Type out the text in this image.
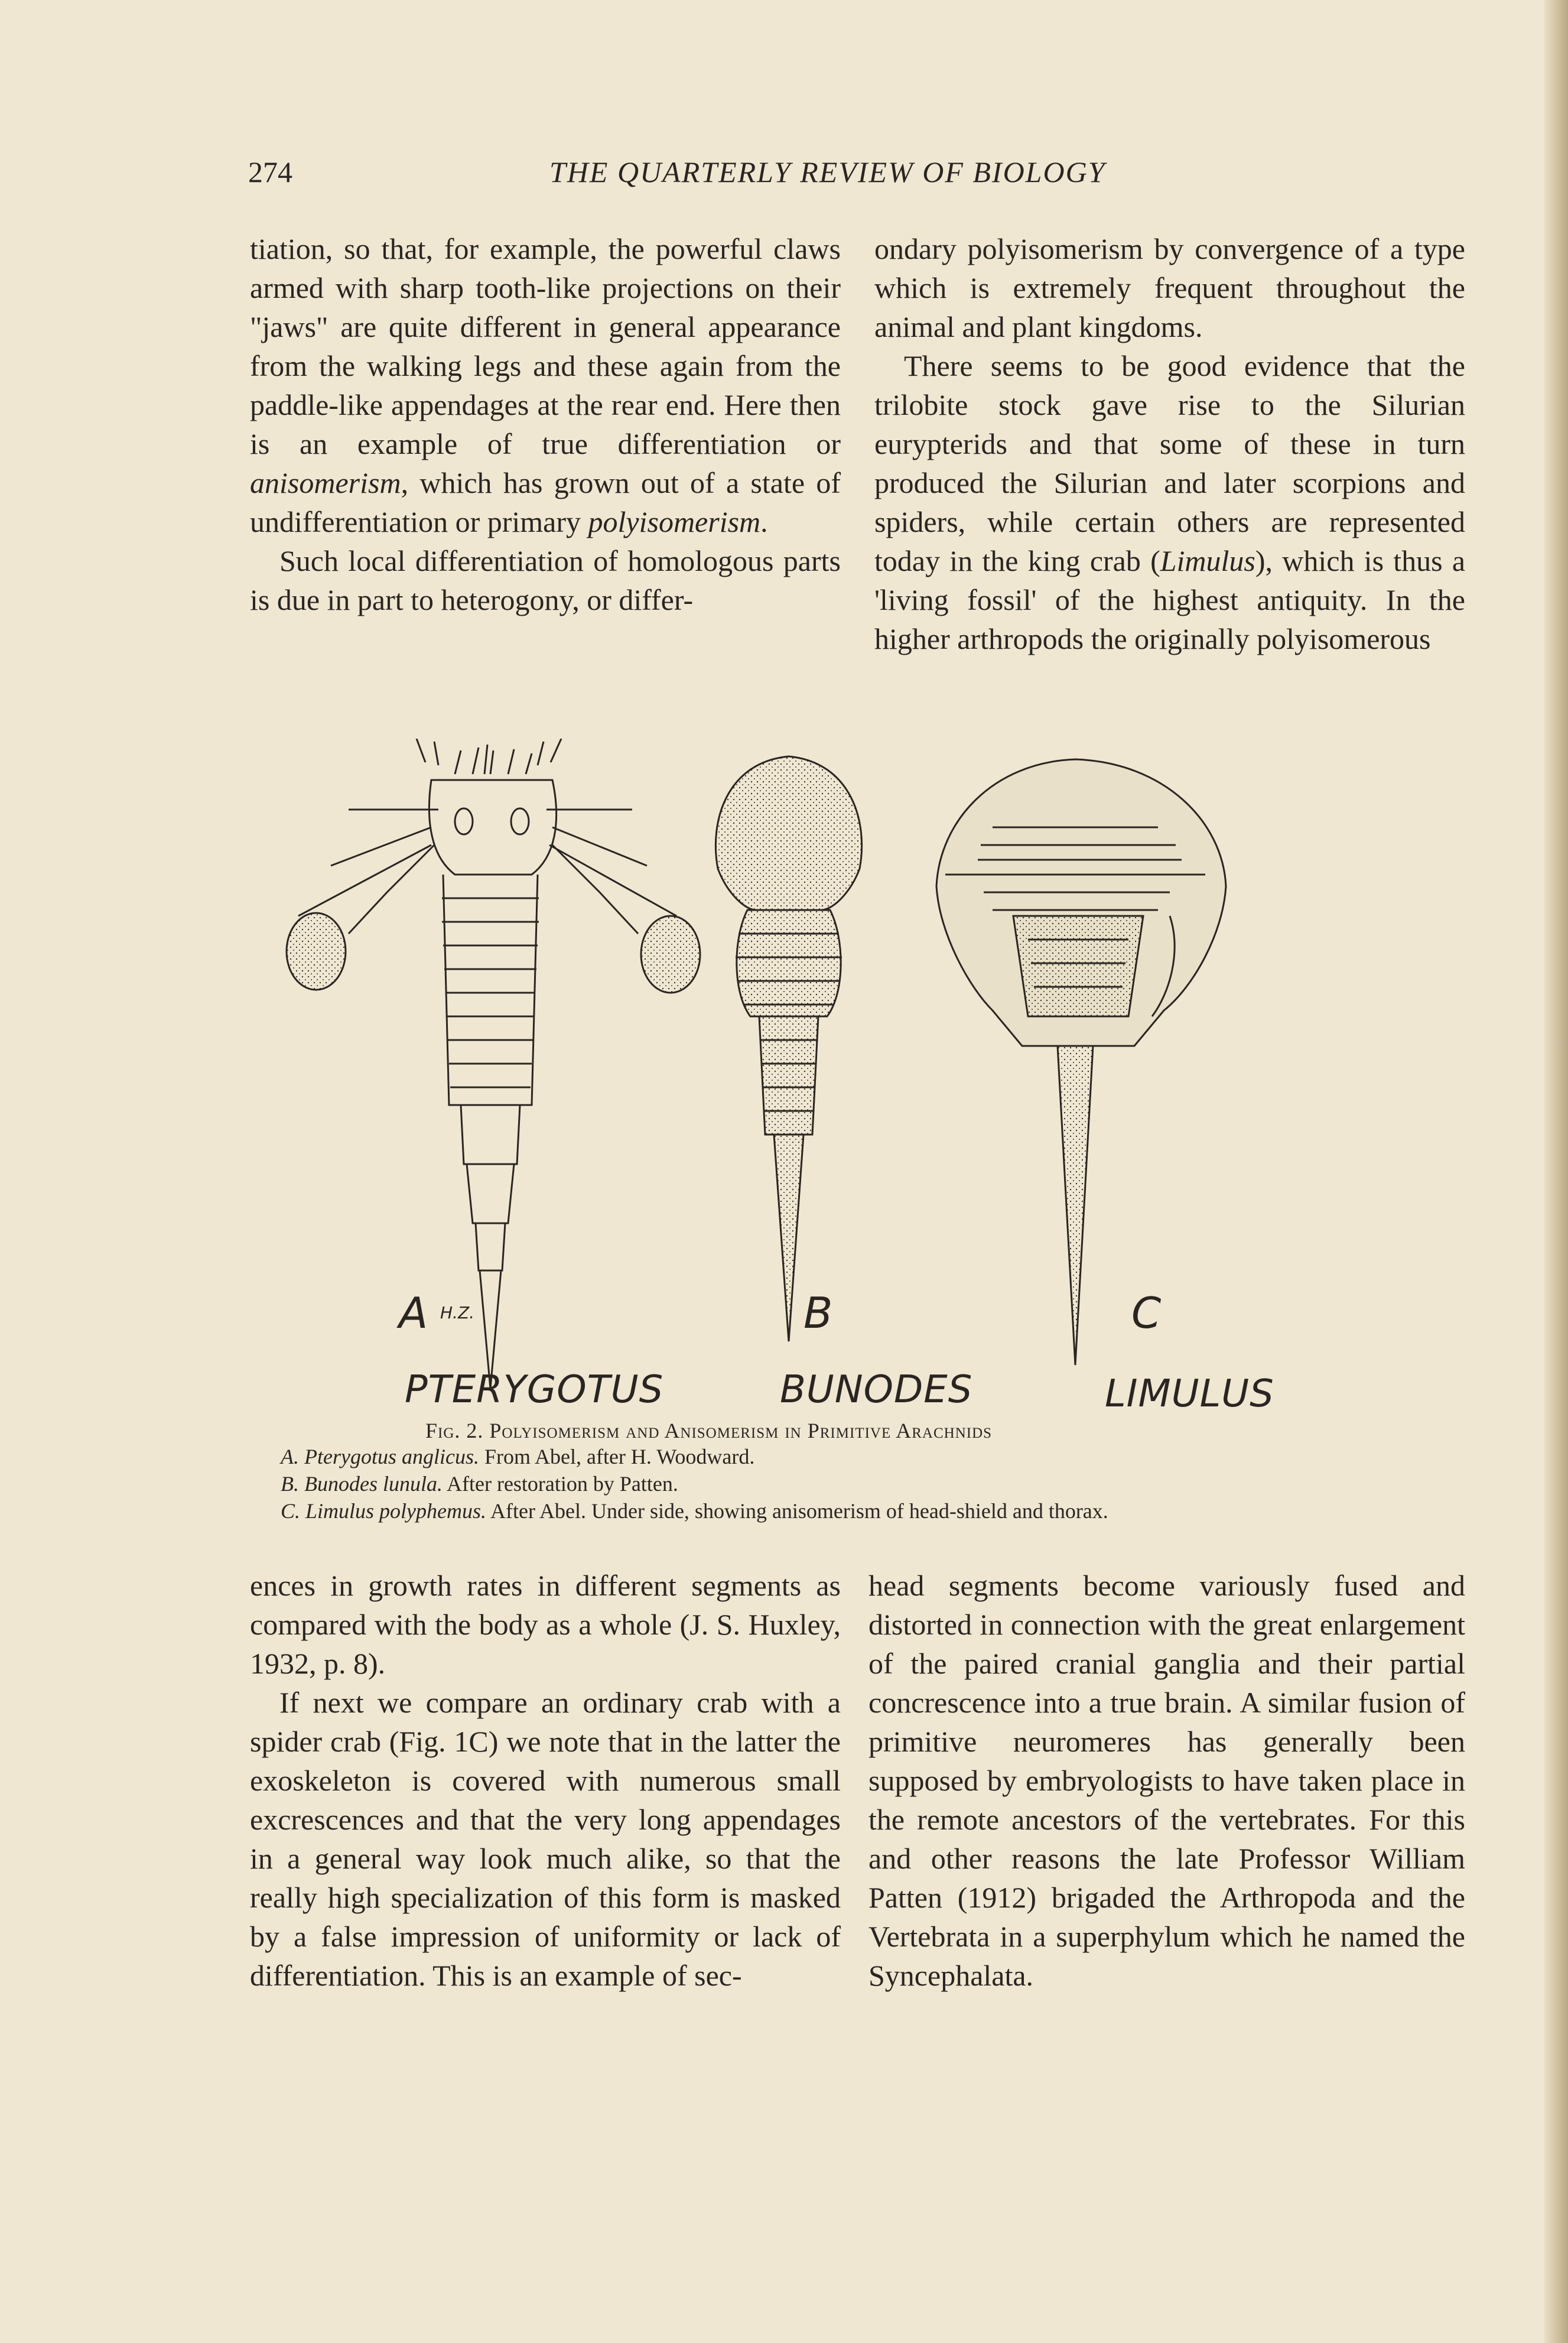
274	THE QUARTERLY REVIEW OF BIOLOGY

tiation, so that, for example, the powerful claws armed with sharp tooth-like projections on their "jaws" are quite different in general appearance from the walking legs and these again from the paddle-like appendages at the rear end. Here then is an example of true differentiation or anisomerism, which has grown out of a state of undifferentiation or primary polyisomerism.

Such local differentiation of homologous parts is due in part to heterogony, or differ-

ondary polyisomerism by convergence of a type which is extremely frequent throughout the animal and plant kingdoms.

There seems to be good evidence that the trilobite stock gave rise to the Silurian eurypterids and that some of these in turn produced the Silurian and later scorpions and spiders, while certain others are represented today in the king crab (Limulus), which is thus a 'living fossil' of the highest antiquity. In the higher arthropods the originally polyisomerous

A H.Z.	B	C
PTERYGOTUS	BUNODES	LIMULUS
Fig. 2. Polyisomerism and Anisomerism in Primitive Arachnids
A. Pterygotus anglicus. From Abel, after H. Woodward.
B. Bunodes lunula. After restoration by Patten.
C. Limulus polyphemus. After Abel. Under side, showing anisomerism of head-shield and thorax.

ences in growth rates in different segments as compared with the body as a whole (J. S. Huxley, 1932, p. 8).

If next we compare an ordinary crab with a spider crab (Fig. 1C) we note that in the latter the exoskeleton is covered with numerous small excrescences and that the very long appendages in a general way look much alike, so that the really high specialization of this form is masked by a false impression of uniformity or lack of differentiation. This is an example of sec-

head segments become variously fused and distorted in connection with the great enlargement of the paired cranial ganglia and their partial concrescence into a true brain. A similar fusion of primitive neuromeres has generally been supposed by embryologists to have taken place in the remote ancestors of the vertebrates. For this and other reasons the late Professor William Patten (1912) brigaded the Arthropoda and the Vertebrata in a superphylum which he named the Syncephalata.
